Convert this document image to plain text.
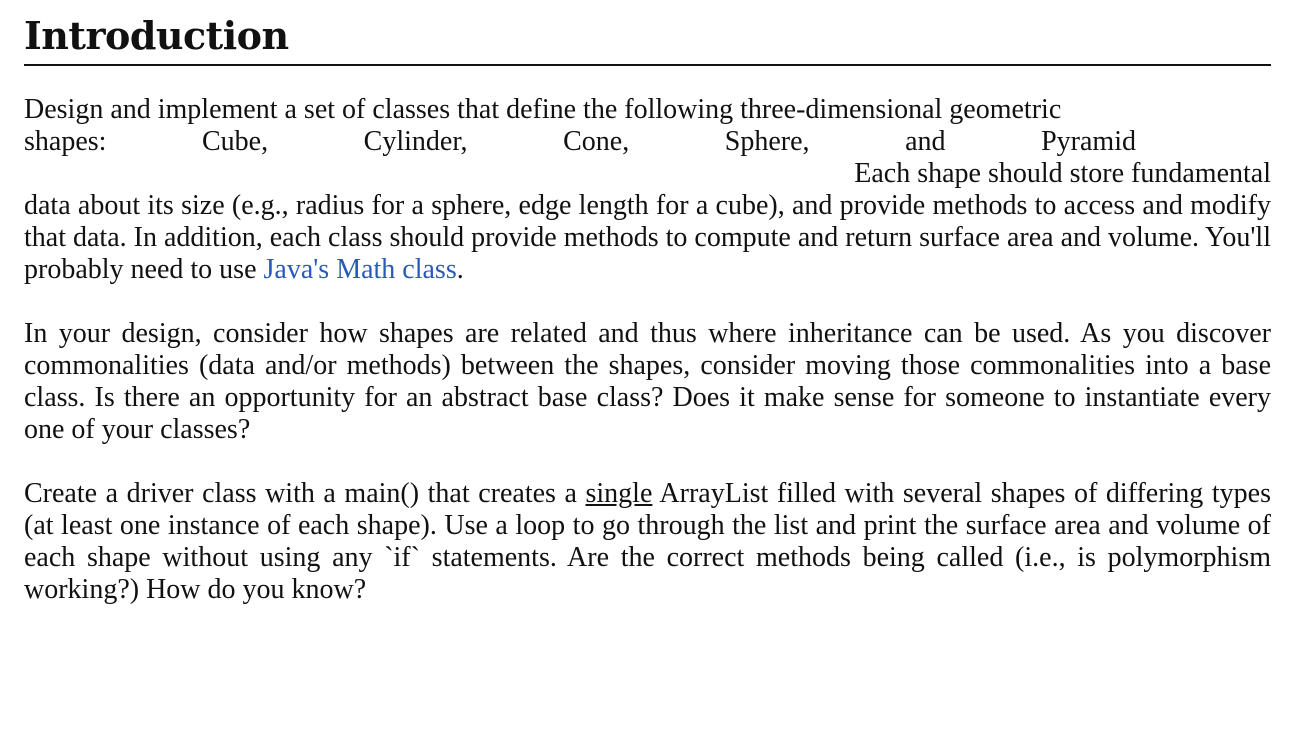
Introduction
Design and implement a set of classes that define the following three-dimensional geometric
shapes:	Cube,	Cylinder,	Cone,	Sphere,	and	Pyramid
Each shape should store fundamental
data about its size (e.g., radius for a sphere, edge length for a cube), and provide methods to access and modify that data. In addition, each class should provide methods to compute and return surface area and volume. You'll probably need to use Java's Math class.
In your design, consider how shapes are related and thus where inheritance can be used. As you discover commonalities (data and/or methods) between the shapes, consider moving those commonalities into a base class. Is there an opportunity for an abstract base class? Does it make sense for someone to instantiate every one of your classes?
Create a driver class with a main() that creates a single ArrayList filled with several shapes of differing types (at least one instance of each shape). Use a loop to go through the list and print the surface area and volume of each shape without using any `if` statements. Are the correct methods being called (i.e., is polymorphism working?) How do you know?
